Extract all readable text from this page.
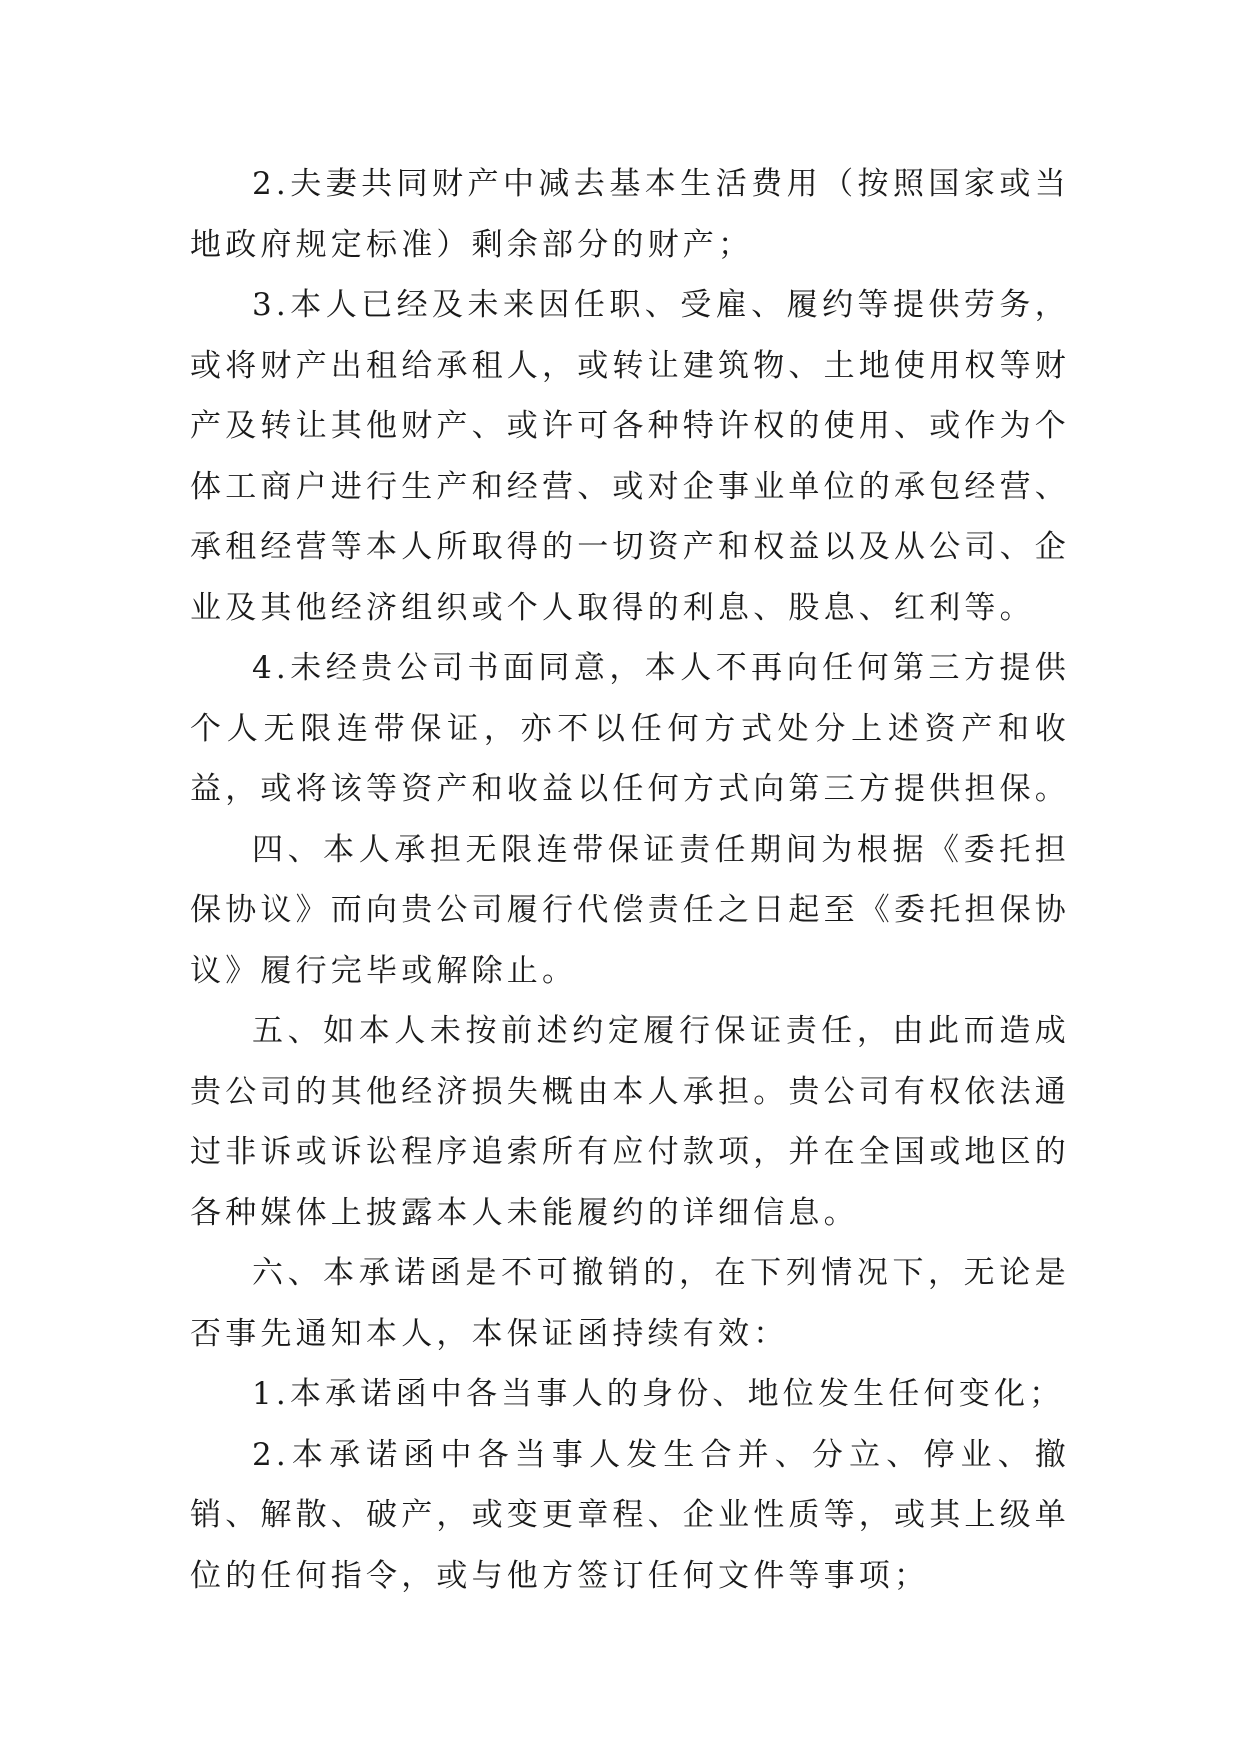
2.夫妻共同财产中减去基本生活费用（按照国家或当地政府规定标准）剩余部分的财产；

3.本人已经及未来因任职、受雇、履约等提供劳务，或将财产出租给承租人，或转让建筑物、土地使用权等财产及转让其他财产、或许可各种特许权的使用、或作为个体工商户进行生产和经营、或对企事业单位的承包经营、承租经营等本人所取得的一切资产和权益以及从公司、企业及其他经济组织或个人取得的利息、股息、红利等。

4.未经贵公司书面同意，本人不再向任何第三方提供个人无限连带保证，亦不以任何方式处分上述资产和收益，或将该等资产和收益以任何方式向第三方提供担保。

四、本人承担无限连带保证责任期间为根据《委托担保协议》而向贵公司履行代偿责任之日起至《委托担保协议》履行完毕或解除止。

五、如本人未按前述约定履行保证责任，由此而造成贵公司的其他经济损失概由本人承担。贵公司有权依法通过非诉或诉讼程序追索所有应付款项，并在全国或地区的各种媒体上披露本人未能履约的详细信息。

六、本承诺函是不可撤销的，在下列情况下，无论是否事先通知本人，本保证函持续有效：

1.本承诺函中各当事人的身份、地位发生任何变化；

2.本承诺函中各当事人发生合并、分立、停业、撤销、解散、破产，或变更章程、企业性质等，或其上级单位的任何指令，或与他方签订任何文件等事项；
